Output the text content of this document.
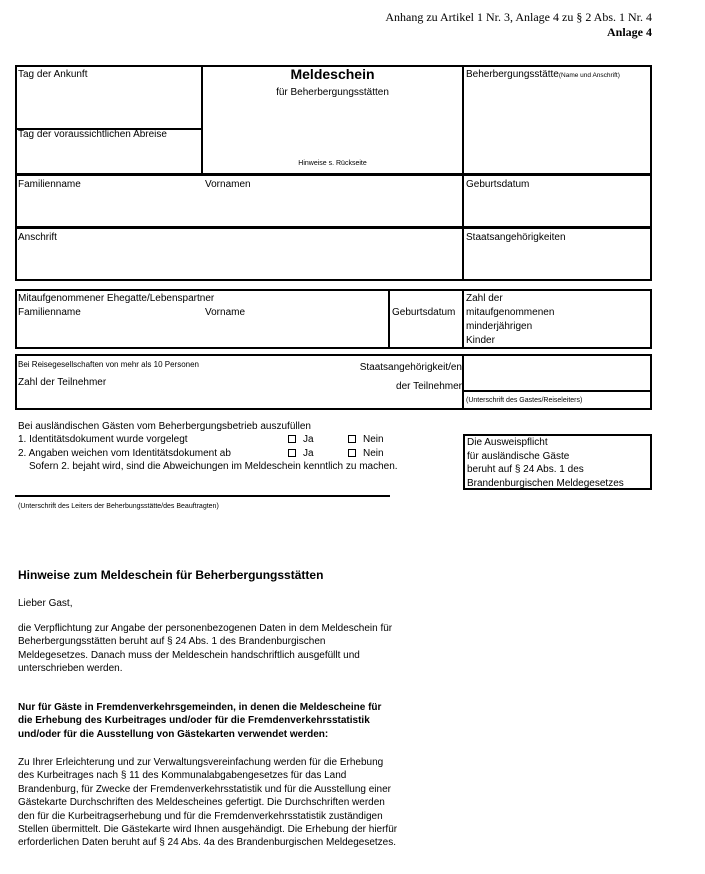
Anhang zu Artikel 1 Nr. 3, Anlage 4 zu § 2 Abs. 1 Nr. 4
Anlage 4
Tag der Ankunft
Tag der voraussichtlichen Abreise
Meldeschein
für Beherbergungsstätten
Hinweise s. Rückseite
Beherbergungsstätte(Name und Anschrift)
Familienname	Vornamen	Geburtsdatum
Anschrift	Staatsangehörigkeiten
Mitaufgenommener Ehegatte/Lebenspartner
Familienname	Vorname	Geburtsdatum
Zahl der
mitaufgenommenen
minderjährigen
Kinder
Bei Reisegesellschaften von mehr als 10 Personen
Zahl der Teilnehmer
Staatsangehörigkeit/en
der Teilnehmer
(Unterschrift des Gastes/Reiseleiters)
Bei ausländischen Gästen vom Beherbergungsbetrieb auszufüllen
1. Identitätsdokument wurde vorgelegt	Ja	Nein
2. Angaben weichen vom Identitätsdokument ab	Ja	Nein
Sofern 2. bejaht wird, sind die Abweichungen im Meldeschein kenntlich zu machen.
Die Ausweispflicht
für ausländische Gäste
beruht auf § 24 Abs. 1 des
Brandenburgischen Meldegesetzes
(Unterschrift des Leiters der Beherbungsstätte/des Beauftragten)
Hinweise zum Meldeschein für Beherbergungsstätten
Lieber Gast,
die Verpflichtung zur Angabe der personenbezogenen Daten in dem Meldeschein für Beherbergungsstätten beruht auf § 24 Abs. 1 des Brandenburgischen Meldegesetzes. Danach muss der Meldeschein handschriftlich ausgefüllt und unterschrieben werden.
Nur für Gäste in Fremdenverkehrsgemeinden, in denen die Meldescheine für die Erhebung des Kurbeitrages und/oder für die Fremdenverkehrsstatistik und/oder für die Ausstellung von Gästekarten verwendet werden:
Zu Ihrer Erleichterung und zur Verwaltungsvereinfachung werden für die Erhebung des Kurbeitrages nach § 11 des Kommunalabgabengesetzes für das Land Brandenburg, für Zwecke der Fremdenverkehrsstatistik und für die Ausstellung einer Gästekarte Durchschriften des Meldescheines gefertigt. Die Durchschriften werden den für die Kurbeitragserhebung und für die Fremdenverkehrsstatistik zuständigen Stellen übermittelt. Die Gästekarte wird Ihnen ausgehändigt. Die Erhebung der hierfür erforderlichen Daten beruht auf § 24 Abs. 4a des Brandenburgischen Meldegesetzes.
